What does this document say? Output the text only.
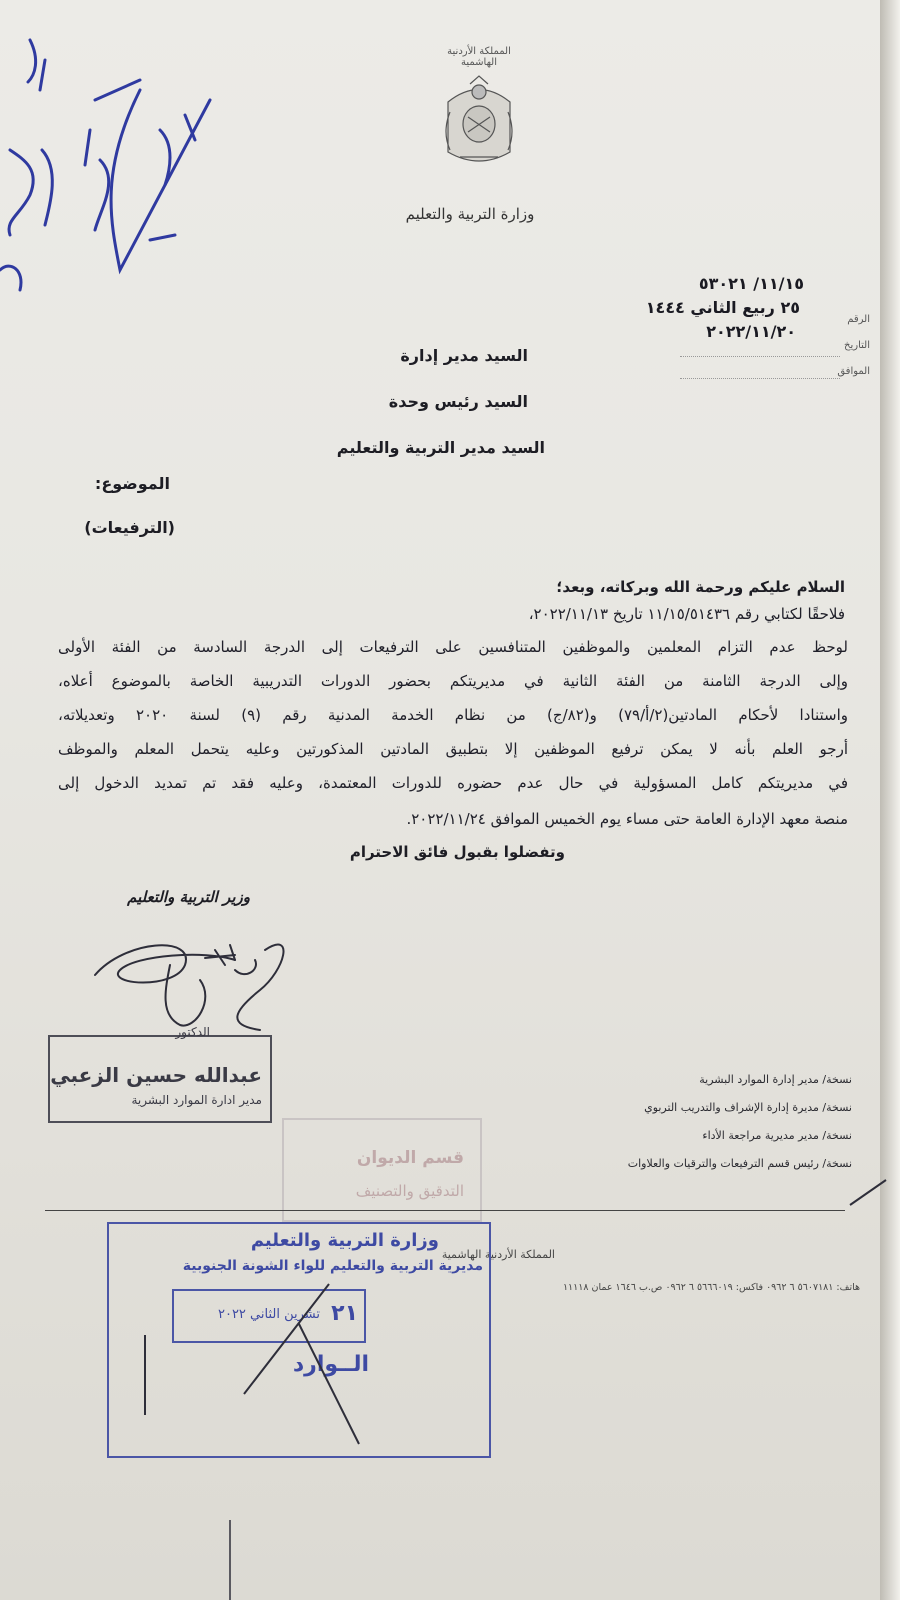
المملكة الأردنية الهاشمية
وزارة التربية والتعليم
١١/١٥/ ٥٣٠٢١
٢٥ ربيع الثاني ١٤٤٤
٢٠٢٢/١١/٢٠
الرقم
التاريخ
الموافق
السيد مدير إدارة
السيد رئيس وحدة
السيد مدير التربية والتعليم
الموضوع:
(الترفيعات)
السلام عليكم ورحمة الله وبركاته، وبعد؛
فلاحقًا لكتابي رقم ١١/١٥/٥١٤٣٦ تاريخ ٢٠٢٢/١١/١٣،
لوحظ عدم التزام المعلمين والموظفين المتنافسين على الترفيعات إلى الدرجة السادسة من الفئة الأولى
وإلى الدرجة الثامنة من الفئة الثانية في مديريتكم بحضور الدورات التدريبية الخاصة بالموضوع أعلاه،
واستنادا لأحكام المادتين(٢/أ/٧٩) و(٨٢/ج) من نظام الخدمة المدنية رقم (٩) لسنة ٢٠٢٠ وتعديلاته،
أرجو العلم بأنه لا يمكن ترفيع الموظفين إلا بتطبيق المادتين المذكورتين وعليه يتحمل المعلم والموظف
في مديريتكم كامل المسؤولية في حال عدم حضوره للدورات المعتمدة، وعليه فقد تم تمديد الدخول إلى
منصة معهد الإدارة العامة حتى مساء يوم الخميس الموافق ٢٠٢٢/١١/٢٤.
وتفضلوا بقبول فائق الاحترام
وزير التربية والتعليم
الدكتور
عبدالله حسين الزعبي
مدير ادارة الموارد البشرية
نسخة/ مدير إدارة الموارد البشرية
نسخة/ مديرة إدارة الإشراف والتدريب التربوي
نسخة/ مدير مديرية مراجعة الأداء
نسخة/ رئيس قسم الترفيعات والترقيات والعلاوات
قسم الديوان
التدقيق والتصنيف
المملكة الأردنية الهاشمية
هاتف: ٥٦٠٧١٨١ ٦ ٠٩٦٢ فاكس: ٥٦٦٦٠١٩ ٦ ٠٩٦٢ ص.ب ١٦٤٦ عمان ١١١١٨
وزارة التربية والتعليم
مديرية التربية والتعليم للواء الشونة الجنوبية
٢١
تشرين الثاني ٢٠٢٢
الــوارد
